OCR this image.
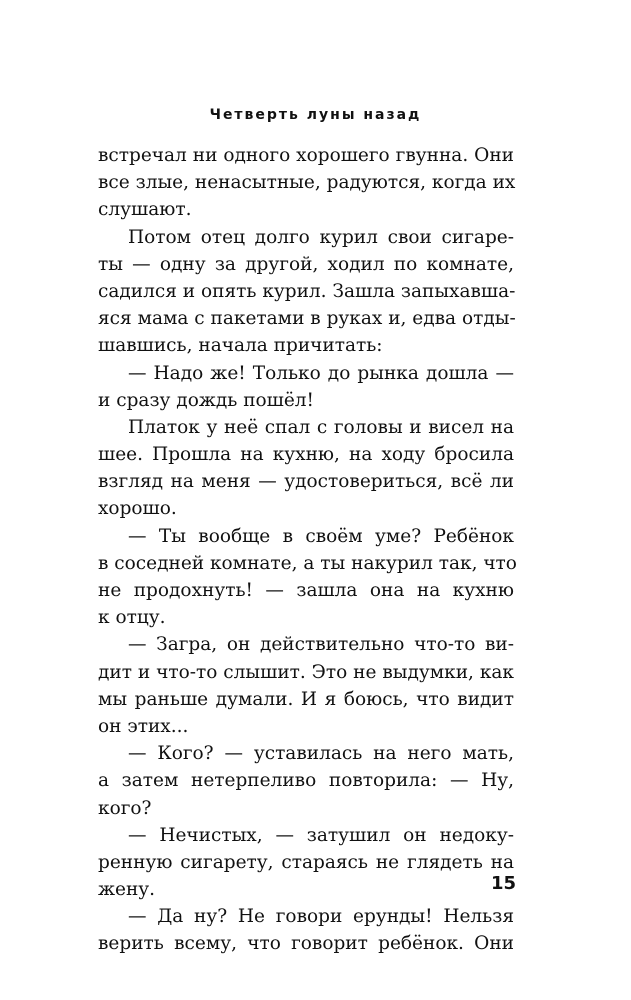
Четверть луны назад
встречал ни одного хорошего гвунна. Они
все злые, ненасытные, радуются, когда их
слушают.
Потом отец долго курил свои сигаре-
ты — одну за другой, ходил по комнате,
садился и опять курил. Зашла запыхавша-
яся мама с пакетами в руках и, едва отды-
шавшись, начала причитать:
— Надо же! Только до рынка дошла —
и сразу дождь пошёл!
Платок у неё спал с головы и висел на
шее. Прошла на кухню, на ходу бросила
взгляд на меня — удостовериться, всё ли
хорошо.
— Ты вообще в своём уме? Ребёнок
в соседней комнате, а ты накурил так, что
не продохнуть! — зашла она на кухню
к отцу.
— Загра, он действительно что-то ви-
дит и что-то слышит. Это не выдумки, как
мы раньше думали. И я боюсь, что видит
он этих...
— Кого? — уставилась на него мать,
а затем нетерпеливо повторила: — Ну,
кого?
— Нечистых, — затушил он недоку-
ренную сигарету, стараясь не глядеть на
жену.
— Да ну? Не говори ерунды! Нельзя
верить всему, что говорит ребёнок. Они
15
